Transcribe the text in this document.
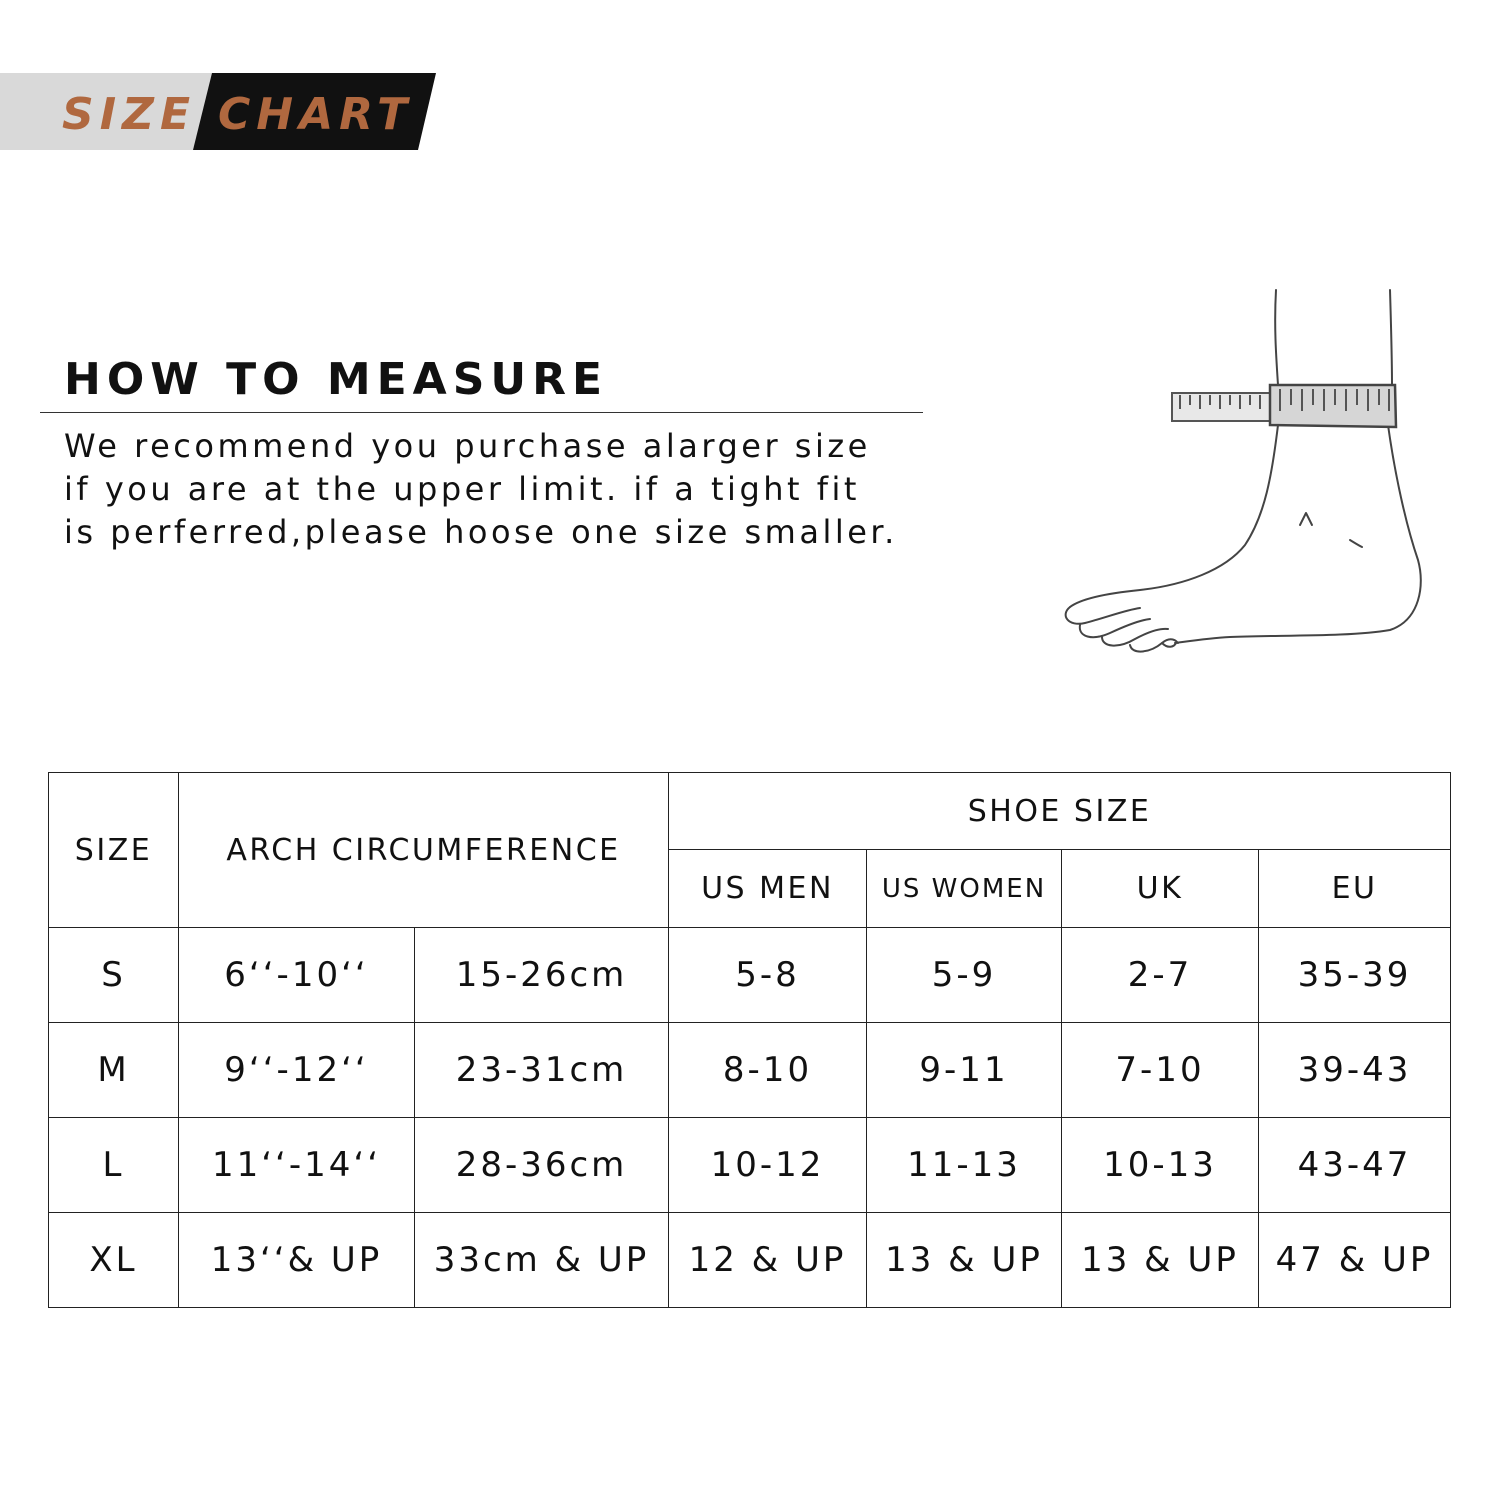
SIZE CHART
HOW TO MEASURE
We recommend you purchase alarger size
if you are at the upper limit. if a tight fit
is perferred,please hoose one size smaller.
SIZE	ARCH CIRCUMFERENCE		SHOE SIZE			
			US MEN	US WOMEN	UK	EU
S	6‘‘-10‘‘	15-26cm	5-8	5-9	2-7	35-39
M	9‘‘-12‘‘	23-31cm	8-10	9-11	7-10	39-43
L	11‘‘-14‘‘	28-36cm	10-12	11-13	10-13	43-47
XL	13‘‘& UP	33cm & UP	12 & UP	13 & UP	13 & UP	47 & UP
